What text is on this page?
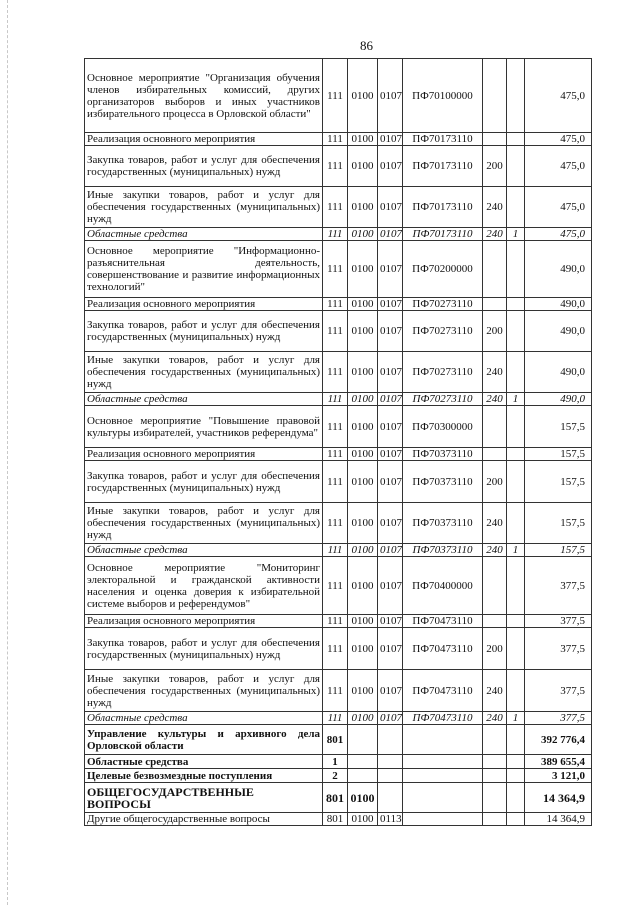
86
Основное мероприятие "Организация обучения членов избирательных комиссий, других организаторов выборов и иных участников избирательного процесса в Орловской области"	111	0100	0107	ПФ70100000			475,0
Реализация основного мероприятия	111	0100	0107	ПФ70173110			475,0
Закупка товаров, работ и услуг для обеспечения государственных (муниципальных) нужд	111	0100	0107	ПФ70173110	200		475,0
Иные закупки товаров, работ и услуг для обеспечения государственных (муниципальных) нужд	111	0100	0107	ПФ70173110	240		475,0
Областные средства	111	0100	0107	ПФ70173110	240	1	475,0
Основное мероприятие "Информационно-разъяснительная деятельность, совершенствование и развитие информационных технологий"	111	0100	0107	ПФ70200000			490,0
Реализация основного мероприятия	111	0100	0107	ПФ70273110			490,0
Закупка товаров, работ и услуг для обеспечения государственных (муниципальных) нужд	111	0100	0107	ПФ70273110	200		490,0
Иные закупки товаров, работ и услуг для обеспечения государственных (муниципальных) нужд	111	0100	0107	ПФ70273110	240		490,0
Областные средства	111	0100	0107	ПФ70273110	240	1	490,0
Основное мероприятие "Повышение правовой культуры избирателей, участников референдума"	111	0100	0107	ПФ70300000			157,5
Реализация основного мероприятия	111	0100	0107	ПФ70373110			157,5
Закупка товаров, работ и услуг для обеспечения государственных (муниципальных) нужд	111	0100	0107	ПФ70373110	200		157,5
Иные закупки товаров, работ и услуг для обеспечения государственных (муниципальных) нужд	111	0100	0107	ПФ70373110	240		157,5
Областные средства	111	0100	0107	ПФ70373110	240	1	157,5
Основное мероприятие "Мониторинг электоральной и гражданской активности населения и оценка доверия к избирательной системе выборов и референдумов"	111	0100	0107	ПФ70400000			377,5
Реализация основного мероприятия	111	0100	0107	ПФ70473110			377,5
Закупка товаров, работ и услуг для обеспечения государственных (муниципальных) нужд	111	0100	0107	ПФ70473110	200		377,5
Иные закупки товаров, работ и услуг для обеспечения государственных (муниципальных) нужд	111	0100	0107	ПФ70473110	240		377,5
Областные средства	111	0100	0107	ПФ70473110	240	1	377,5
Управление культуры и архивного дела Орловской области	801						392 776,4
Областные средства	1						389 655,4
Целевые безвозмездные поступления	2						3 121,0
ОБЩЕГОСУДАРСТВЕННЫЕ ВОПРОСЫ	801	0100					14 364,9
Другие общегосударственные вопросы	801	0100	0113				14 364,9
